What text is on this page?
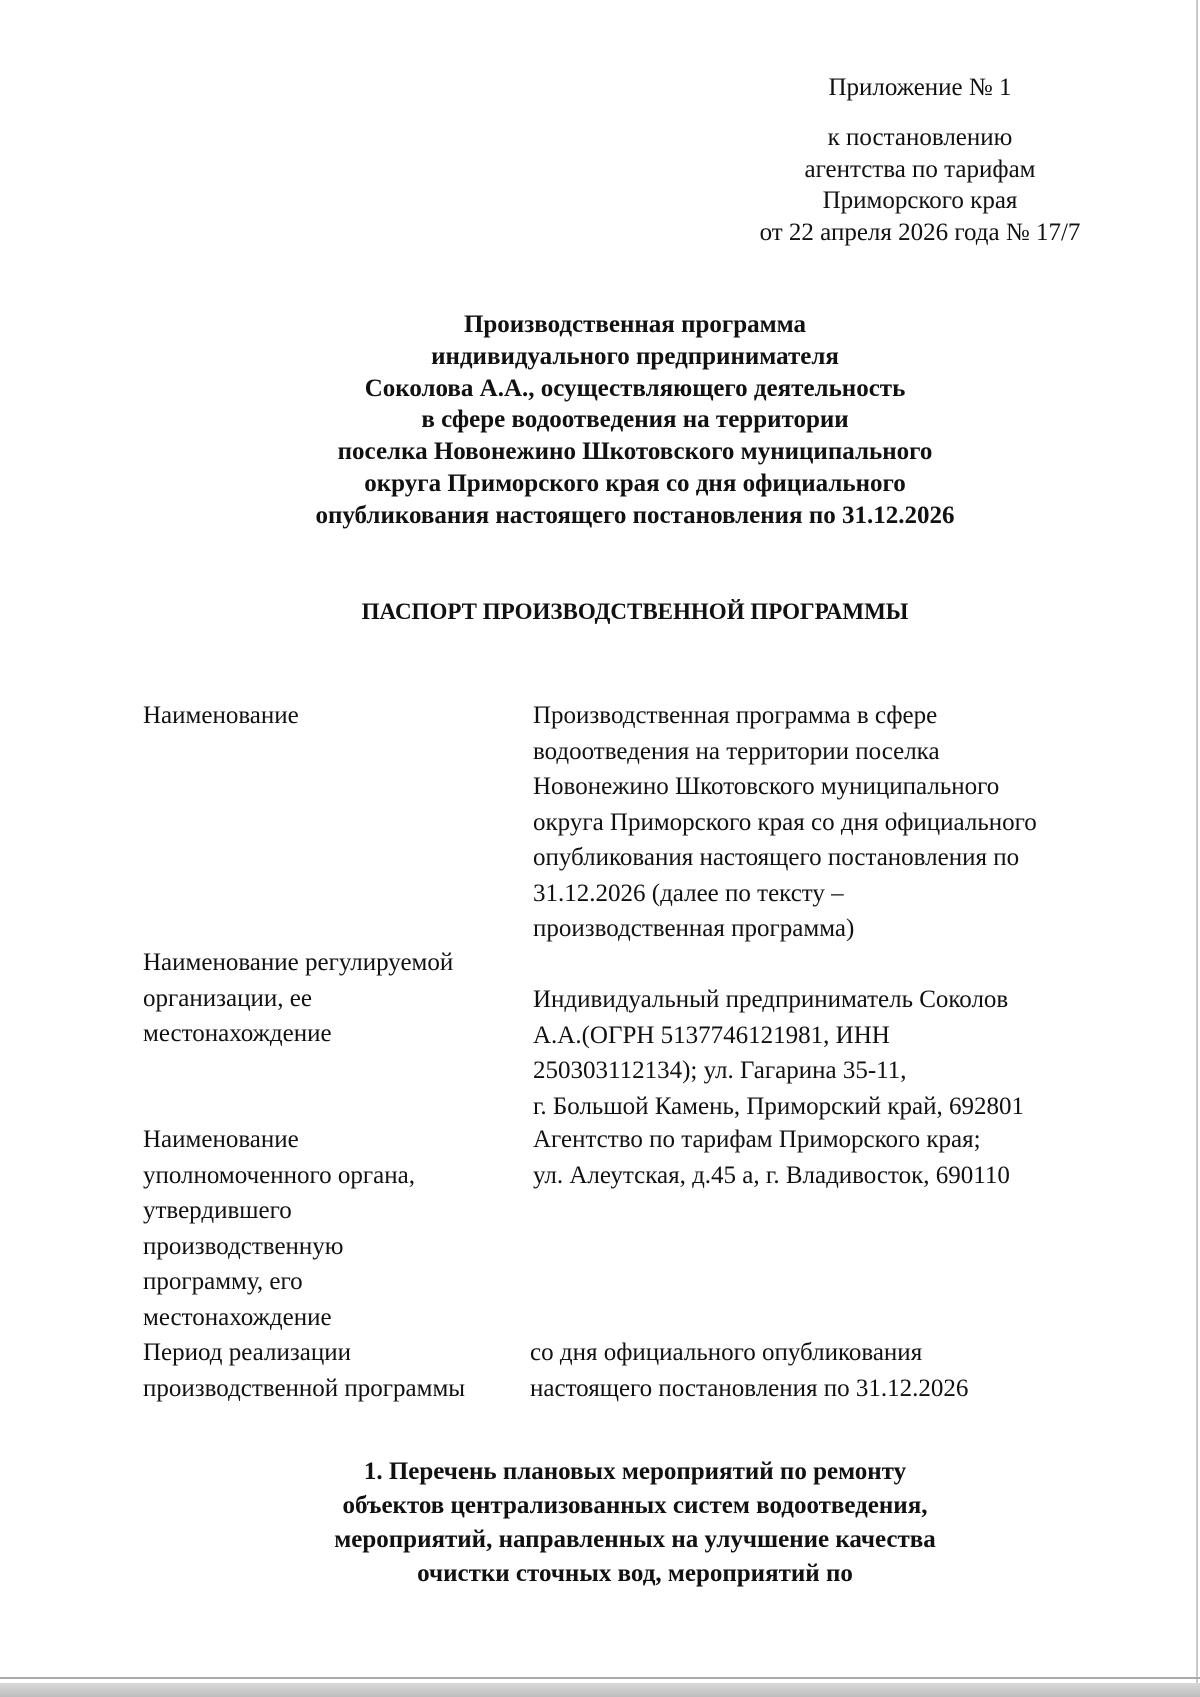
Приложение № 1
к постановлению
агентства по тарифам
Приморского края
от 22 апреля 2026 года № 17/7
Производственная программа
индивидуального предпринимателя
Соколова А.А., осуществляющего деятельность
в сфере водоотведения на территории
поселка Новонежино Шкотовского муниципального
округа Приморского края со дня официального
опубликования настоящего постановления по 31.12.2026
ПАСПОРТ ПРОИЗВОДСТВЕННОЙ ПРОГРАММЫ
Наименование	Производственная программа в сфере
водоотведения на территории поселка
Новонежино Шкотовского муниципального
округа Приморского края со дня официального
опубликования настоящего постановления по
31.12.2026 (далее по тексту –
производственная программа)
Наименование регулируемой
организации, ее
местонахождение
Индивидуальный предприниматель Соколов
А.А.(ОГРН 5137746121981, ИНН
250303112134); ул. Гагарина 35-11,
г. Большой Камень, Приморский край, 692801
Наименование
уполномоченного органа,
утвердившего
производственную
программу, его
местонахождение
Агентство по тарифам Приморского края;
ул. Алеутская, д.45 а, г. Владивосток, 690110
Период реализации
производственной программы
со дня официального опубликования
настоящего постановления по 31.12.2026
1. Перечень плановых мероприятий по ремонту
объектов централизованных систем водоотведения,
мероприятий, направленных на улучшение качества
очистки сточных вод, мероприятий по
